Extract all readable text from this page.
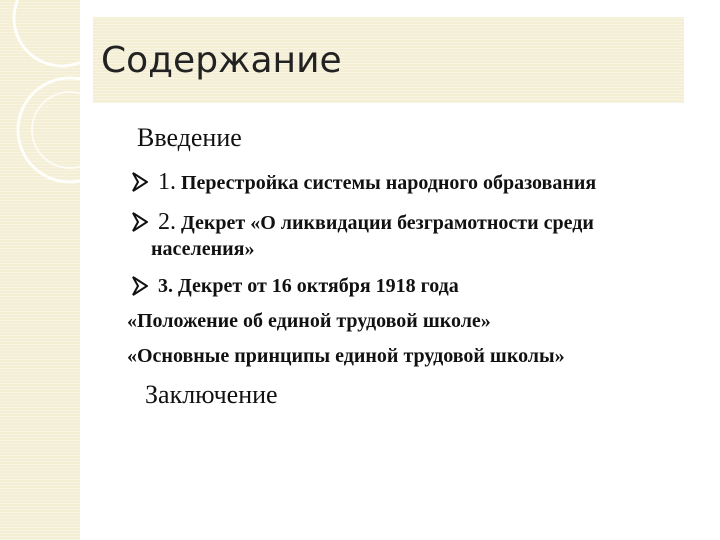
Содержание
Введение
1. Перестройка системы народного образования
2. Декрет «О ликвидации безграмотности среди
населения»
3. Декрет от 16 октября 1918 года
«Положение об единой трудовой школе»
«Основные принципы единой трудовой школы»
Заключение
